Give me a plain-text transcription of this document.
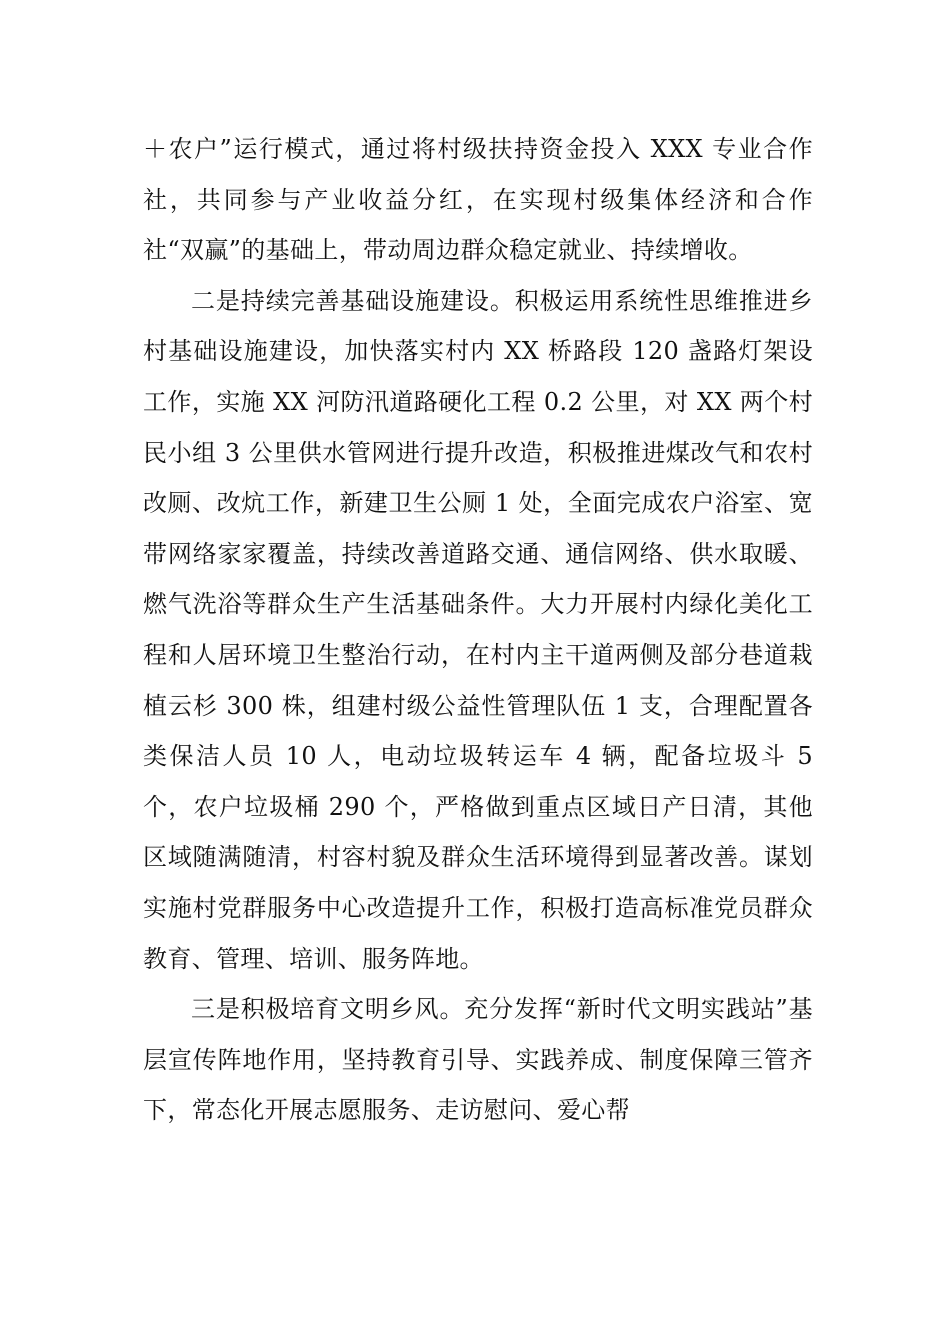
＋农户”运行模式，通过将村级扶持资金投入 XXX 专业合作社，共同参与产业收益分红，在实现村级集体经济和合作社“双赢”的基础上，带动周边群众稳定就业、持续增收。

二是持续完善基础设施建设。积极运用系统性思维推进乡村基础设施建设，加快落实村内 XX 桥路段 120 盏路灯架设工作，实施 XX 河防汛道路硬化工程 0.2 公里，对 XX 两个村民小组 3 公里供水管网进行提升改造，积极推进煤改气和农村改厕、改炕工作，新建卫生公厕 1 处，全面完成农户浴室、宽带网络家家覆盖，持续改善道路交通、通信网络、供水取暖、燃气洗浴等群众生产生活基础条件。大力开展村内绿化美化工程和人居环境卫生整治行动，在村内主干道两侧及部分巷道栽植云杉 300 株，组建村级公益性管理队伍 1 支，合理配置各类保洁人员 10 人，电动垃圾转运车 4 辆，配备垃圾斗 5 个，农户垃圾桶 290 个，严格做到重点区域日产日清，其他区域随满随清，村容村貌及群众生活环境得到显著改善。谋划实施村党群服务中心改造提升工作，积极打造高标准党员群众教育、管理、培训、服务阵地。

三是积极培育文明乡风。充分发挥“新时代文明实践站”基层宣传阵地作用，坚持教育引导、实践养成、制度保障三管齐下，常态化开展志愿服务、走访慰问、爱心帮
